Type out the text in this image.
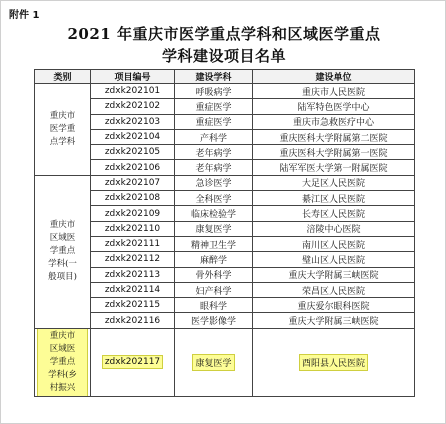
附件 1
2021 年重庆市医学重点学科和区域医学重点
学科建设项目名单
类别	项目编号	建设学科	建设单位

重庆市
医学重
点学科	zdxk202101	呼吸病学	重庆市人民医院
	zdxk202102	重症医学	陆军特色医学中心
	zdxk202103	重症医学	重庆市急救医疗中心
	zdxk202104	产科学	重庆医科大学附属第二医院
	zdxk202105	老年病学	重庆医科大学附属第一医院
	zdxk202106	老年病学	陆军军医大学第一附属医院

重庆市
区域医
学重点
学科(一
般项目)	zdxk202107	急诊医学	大足区人民医院
	zdxk202108	全科医学	綦江区人民医院
	zdxk202109	临床检验学	长寿区人民医院
	zdxk202110	康复医学	涪陵中心医院
	zdxk202111	精神卫生学	南川区人民医院
	zdxk202112	麻醉学	璧山区人民医院
	zdxk202113	骨外科学	重庆大学附属三峡医院
	zdxk202114	妇产科学	荣昌区人民医院
	zdxk202115	眼科学	重庆爱尔眼科医院
	zdxk202116	医学影像学	重庆大学附属三峡医院

重庆市
区域医
学重点
学科(乡
村振兴	zdxk202117	康复医学	酉阳县人民医院
